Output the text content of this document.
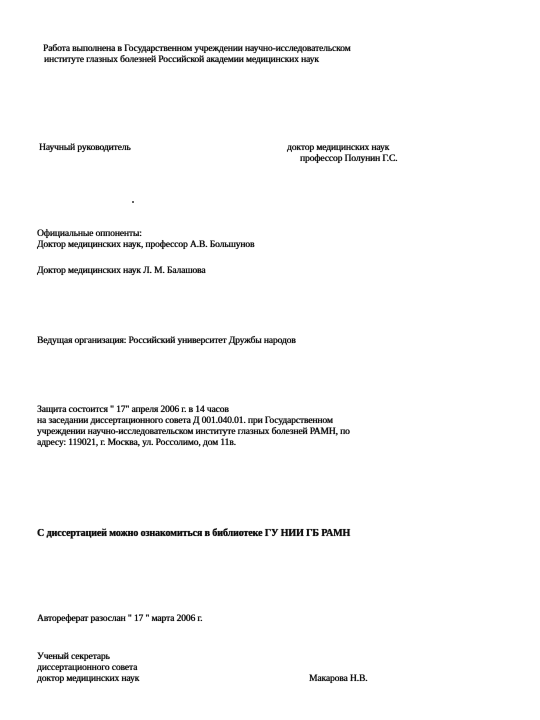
Работа выполнена в Государственном учреждении научно-исследовательском
институте глазных болезней Российской академии медицинских наук
Научный руководитель	доктор медицинских наук
профессор Полунин Г.С.
Официальные оппоненты:
Доктор медицинских наук, профессор А.В. Большунов
Доктор медицинских наук Л. М. Балашова
Ведущая организация: Российский университет Дружбы народов
Защита состоится " 17" апреля 2006 г. в 14 часов
на заседании диссертационного совета Д 001.040.01. при Государственном
учреждении научно-исследовательском институте глазных болезней РАМН, по
адресу: 119021, г. Москва, ул. Россолимо, дом 11в.
С диссертацией можно ознакомиться в библиотеке ГУ НИИ ГБ РАМН
Автореферат разослан " 17 " марта 2006 г.
Ученый секретарь
диссертационного совета
доктор медицинских наук	Макарова Н.В.
